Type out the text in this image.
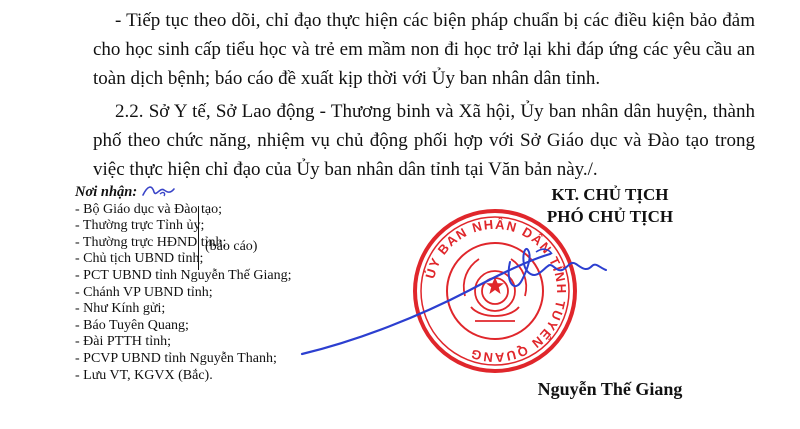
- Tiếp tục theo dõi, chỉ đạo thực hiện các biện pháp chuẩn bị các điều kiện bảo đảm cho học sinh cấp tiểu học và trẻ em mầm non đi học trở lại khi đáp ứng các yêu cầu an toàn dịch bệnh; báo cáo đề xuất kịp thời với Ủy ban nhân dân tỉnh.
2.2. Sở Y tế, Sở Lao động - Thương binh và Xã hội, Ủy ban nhân dân huyện, thành phố theo chức năng, nhiệm vụ chủ động phối hợp với Sở Giáo dục và Đào tạo trong việc thực hiện chỉ đạo của Ủy ban nhân dân tỉnh tại Văn bản này./.
Nơi nhận:
- Bộ Giáo dục và Đào tạo;
- Thường trực Tỉnh ủy;
- Thường trực HĐND tỉnh;
- Chủ tịch UBND tỉnh;
- PCT UBND tỉnh Nguyễn Thế Giang;
- Chánh VP UBND tỉnh;
- Như Kính gửi;
- Báo Tuyên Quang;
- Đài PTTH tỉnh;
- PCVP UBND tỉnh Nguyễn Thanh;
- Lưu VT, KGVX (Bắc).
(báo cáo)
KT. CHỦ TỊCH
PHÓ CHỦ TỊCH
ỦY BAN NHÂN DÂN TỈNH TUYÊN QUANG
Nguyễn Thế Giang
